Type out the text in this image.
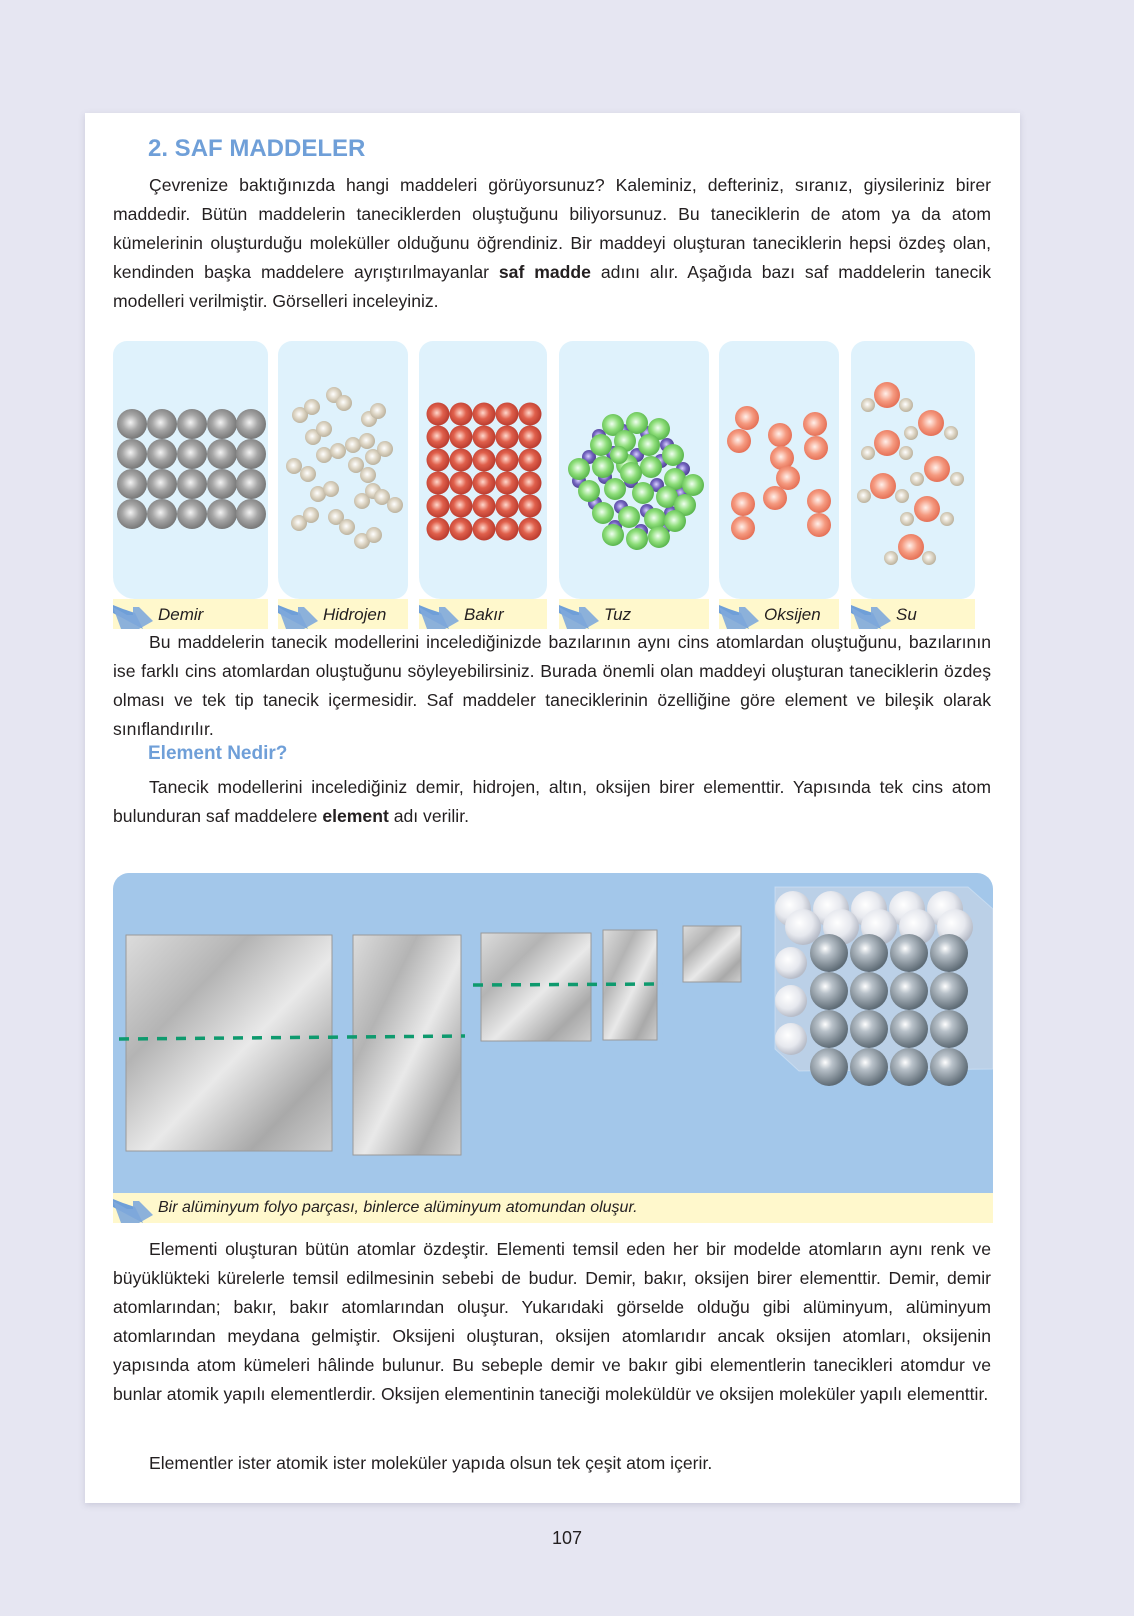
2. SAF MADDELER

Çevrenize baktığınızda hangi maddeleri görüyorsunuz? Kaleminiz, defteriniz, sıranız, giysileriniz birer maddedir. Bütün maddelerin taneciklerden oluştuğunu biliyorsunuz. Bu taneciklerin de atom ya da atom kümelerinin oluşturduğu moleküller olduğunu öğrendiniz. Bir maddeyi oluşturan taneciklerin hepsi özdeş olan, kendinden başka maddelere ayrıştırılmayanlar saf madde adını alır. Aşağıda bazı saf maddelerin tanecik modelleri verilmiştir. Görselleri inceleyiniz.

Demir	Hidrojen	Bakır	Tuz	Oksijen	Su

Bu maddelerin tanecik modellerini incelediğinizde bazılarının aynı cins atomlardan oluştuğunu, bazılarının ise farklı cins atomlardan oluştuğunu söyleyebilirsiniz. Burada önemli olan maddeyi oluşturan taneciklerin özdeş olması ve tek tip tanecik içermesidir. Saf maddeler taneciklerinin özelliğine göre element ve bileşik olarak sınıflandırılır.

Element Nedir?

Tanecik modellerini incelediğiniz demir, hidrojen, altın, oksijen birer elementtir. Yapısında tek cins atom bulunduran saf maddelere element adı verilir.

Bir alüminyum folyo parçası, binlerce alüminyum atomundan oluşur.

Elementi oluşturan bütün atomlar özdeştir. Elementi temsil eden her bir modelde atomların aynı renk ve büyüklükteki kürelerle temsil edilmesinin sebebi de budur. Demir, bakır, oksijen birer elementtir. Demir, demir atomlarından; bakır, bakır atomlarından oluşur. Yukarıdaki görselde olduğu gibi alüminyum, alüminyum atomlarından meydana gelmiştir. Oksijeni oluşturan, oksijen atomlarıdır ancak oksijen atomları, oksijenin yapısında atom kümeleri hâlinde bulunur. Bu sebeple demir ve bakır gibi elementlerin tanecikleri atomdur ve bunlar atomik yapılı elementlerdir. Oksijen elementinin taneciği moleküldür ve oksijen moleküler yapılı elementtir.

Elementler ister atomik ister moleküler yapıda olsun tek çeşit atom içerir.

107
